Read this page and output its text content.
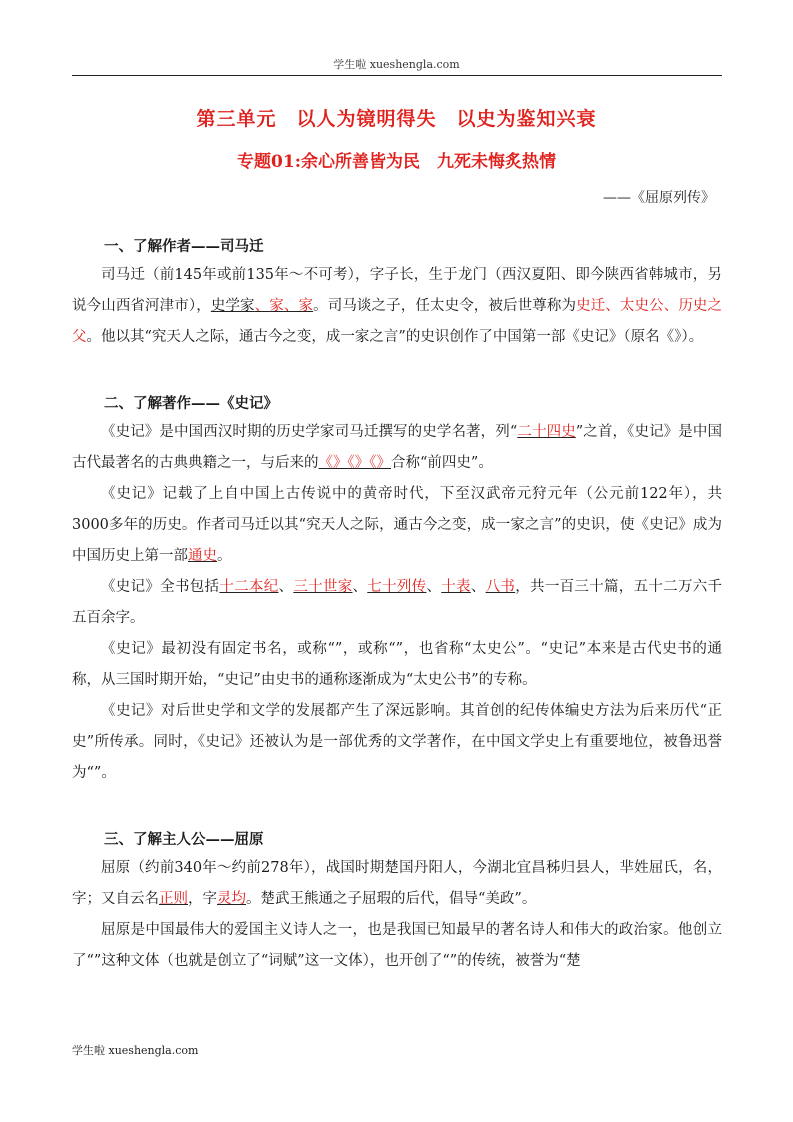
学生啦 xueshengla.com
第三单元　以人为镜明得失　以史为鉴知兴衰
专题01:余心所善皆为民　九死未悔炙热情
——《屈原列传》

一、了解作者——司马迁

司马迁（前145年或前135年～不可考），字子长，生于龙门（西汉夏阳、即今陕西省韩城市，另说今山西省河津市），史学家、家、家。司马谈之子，任太史令，被后世尊称为史迁、太史公、历史之父。他以其“究天人之际，通古今之变，成一家之言”的史识创作了中国第一部《史记》（原名《》）。

二、了解著作——《史记》

《史记》是中国西汉时期的历史学家司马迁撰写的史学名著，列“二十四史”之首，《史记》是中国古代最著名的古典典籍之一，与后来的《》《》《》合称“前四史”。

《史记》记载了上自中国上古传说中的黄帝时代，下至汉武帝元狩元年（公元前122年），共3000多年的历史。作者司马迁以其“究天人之际，通古今之变，成一家之言”的史识，使《史记》成为中国历史上第一部通史。

《史记》全书包括十二本纪、三十世家、七十列传、十表、八书，共一百三十篇，五十二万六千五百余字。

《史记》最初没有固定书名，或称“”，或称“”，也省称“太史公”。“史记”本来是古代史书的通称，从三国时期开始，“史记”由史书的通称逐渐成为“太史公书”的专称。

《史记》对后世史学和文学的发展都产生了深远影响。其首创的纪传体编史方法为后来历代“正史”所传承。同时，《史记》还被认为是一部优秀的文学著作，在中国文学史上有重要地位，被鲁迅誉为“”。

三、了解主人公——屈原

屈原（约前340年～约前278年），战国时期楚国丹阳人，今湖北宜昌秭归县人，芈姓屈氏，名，字；又自云名正则，字灵均。楚武王熊通之子屈瑕的后代，倡导“美政”。

屈原是中国最伟大的爱国主义诗人之一，也是我国已知最早的著名诗人和伟大的政治家。他创立了“”这种文体（也就是创立了“词赋”这一文体），也开创了“”的传统，被誉为“楚

学生啦 xueshengla.com
